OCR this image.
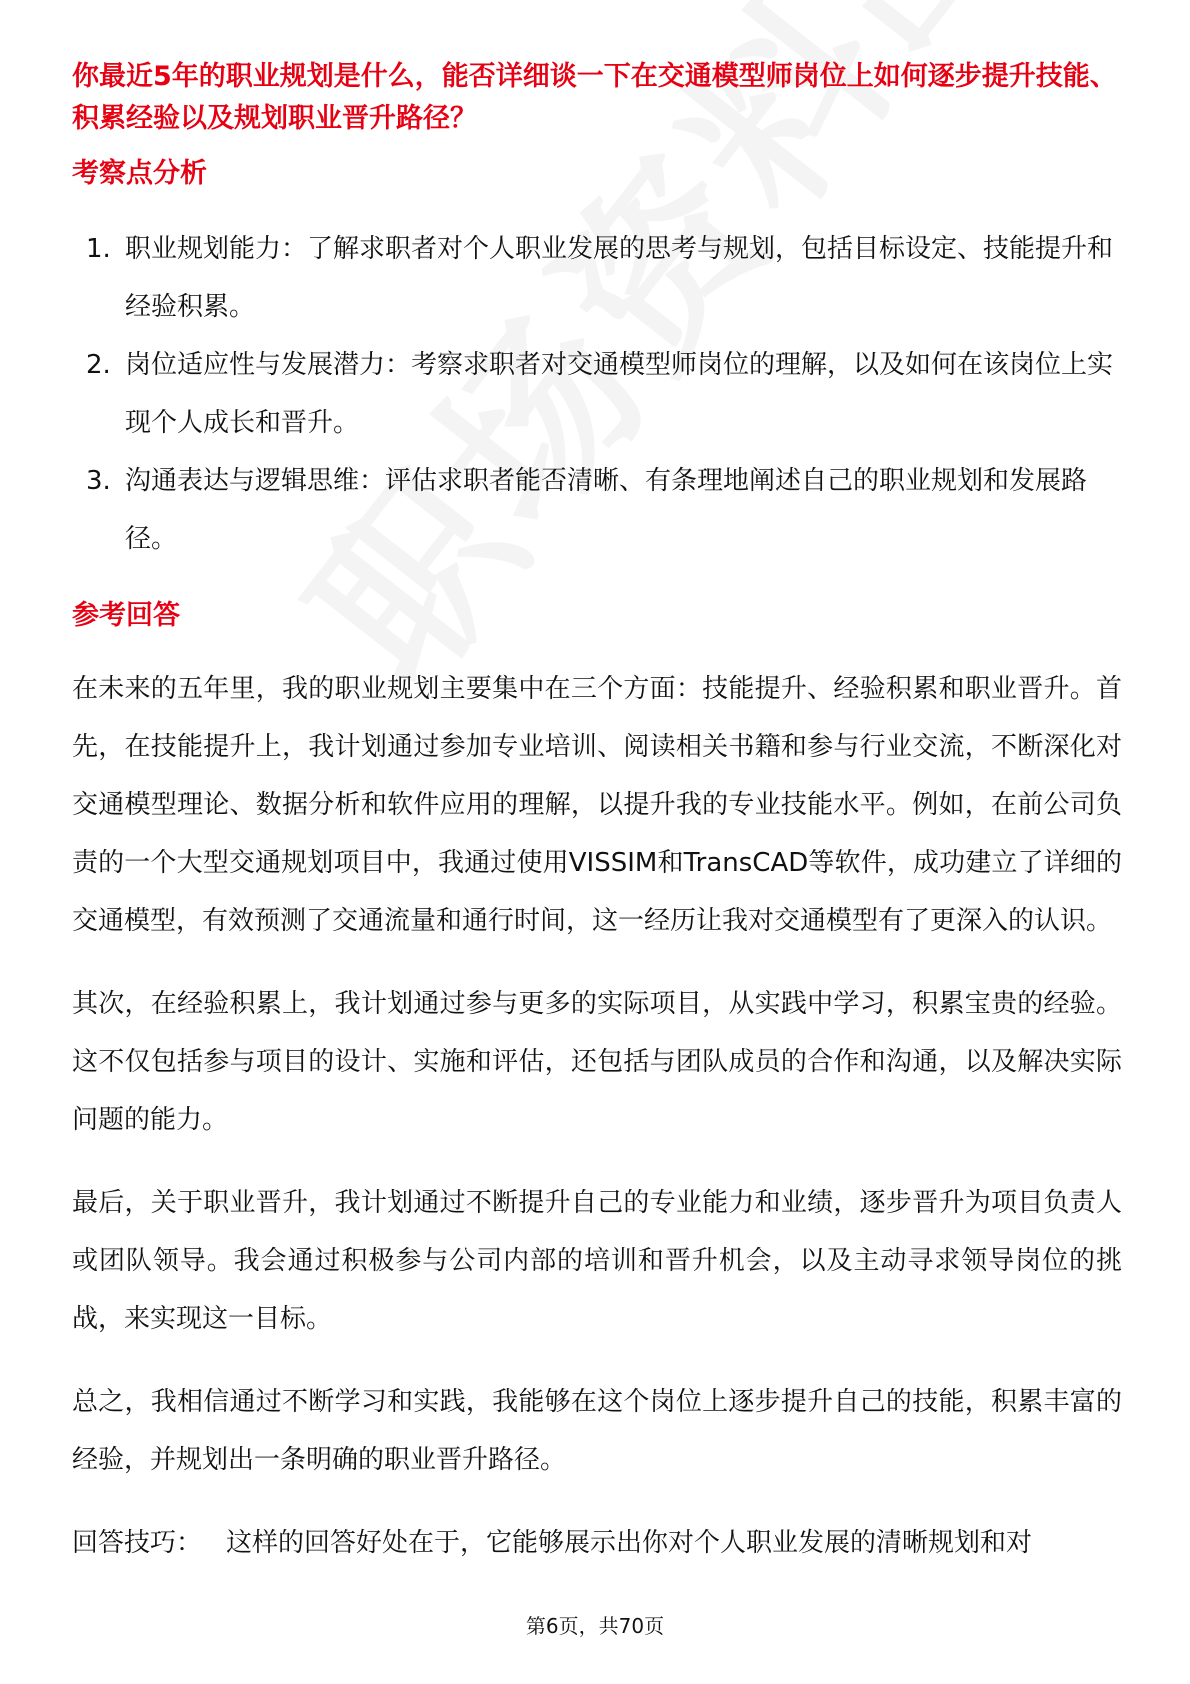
你最近5年的职业规划是什么，能否详细谈一下在交通模型师岗位上如何逐步提升技能、积累经验以及规划职业晋升路径？

考察点分析
1. 职业规划能力：了解求职者对个人职业发展的思考与规划，包括目标设定、技能提升和经验积累。
2. 岗位适应性与发展潜力：考察求职者对交通模型师岗位的理解，以及如何在该岗位上实现个人成长和晋升。
3. 沟通表达与逻辑思维：评估求职者能否清晰、有条理地阐述自己的职业规划和发展路径。
参考回答

在未来的五年里，我的职业规划主要集中在三个方面：技能提升、经验积累和职业晋升。首先，在技能提升上，我计划通过参加专业培训、阅读相关书籍和参与行业交流，不断深化对交通模型理论、数据分析和软件应用的理解，以提升我的专业技能水平。例如，在前公司负责的一个大型交通规划项目中，我通过使用VISSIM和TransCAD等软件，成功建立了详细的交通模型，有效预测了交通流量和通行时间，这一经历让我对交通模型有了更深入的认识。

其次，在经验积累上，我计划通过参与更多的实际项目，从实践中学习，积累宝贵的经验。这不仅包括参与项目的设计、实施和评估，还包括与团队成员的合作和沟通，以及解决实际问题的能力。

最后，关于职业晋升，我计划通过不断提升自己的专业能力和业绩，逐步晋升为项目负责人或团队领导。我会通过积极参与公司内部的培训和晋升机会，以及主动寻求领导岗位的挑战，来实现这一目标。

总之，我相信通过不断学习和实践，我能够在这个岗位上逐步提升自己的技能，积累丰富的经验，并规划出一条明确的职业晋升路径。

回答技巧： 这样的回答好处在于，它能够展示出你对个人职业发展的清晰规划和对
第6页，共70页
